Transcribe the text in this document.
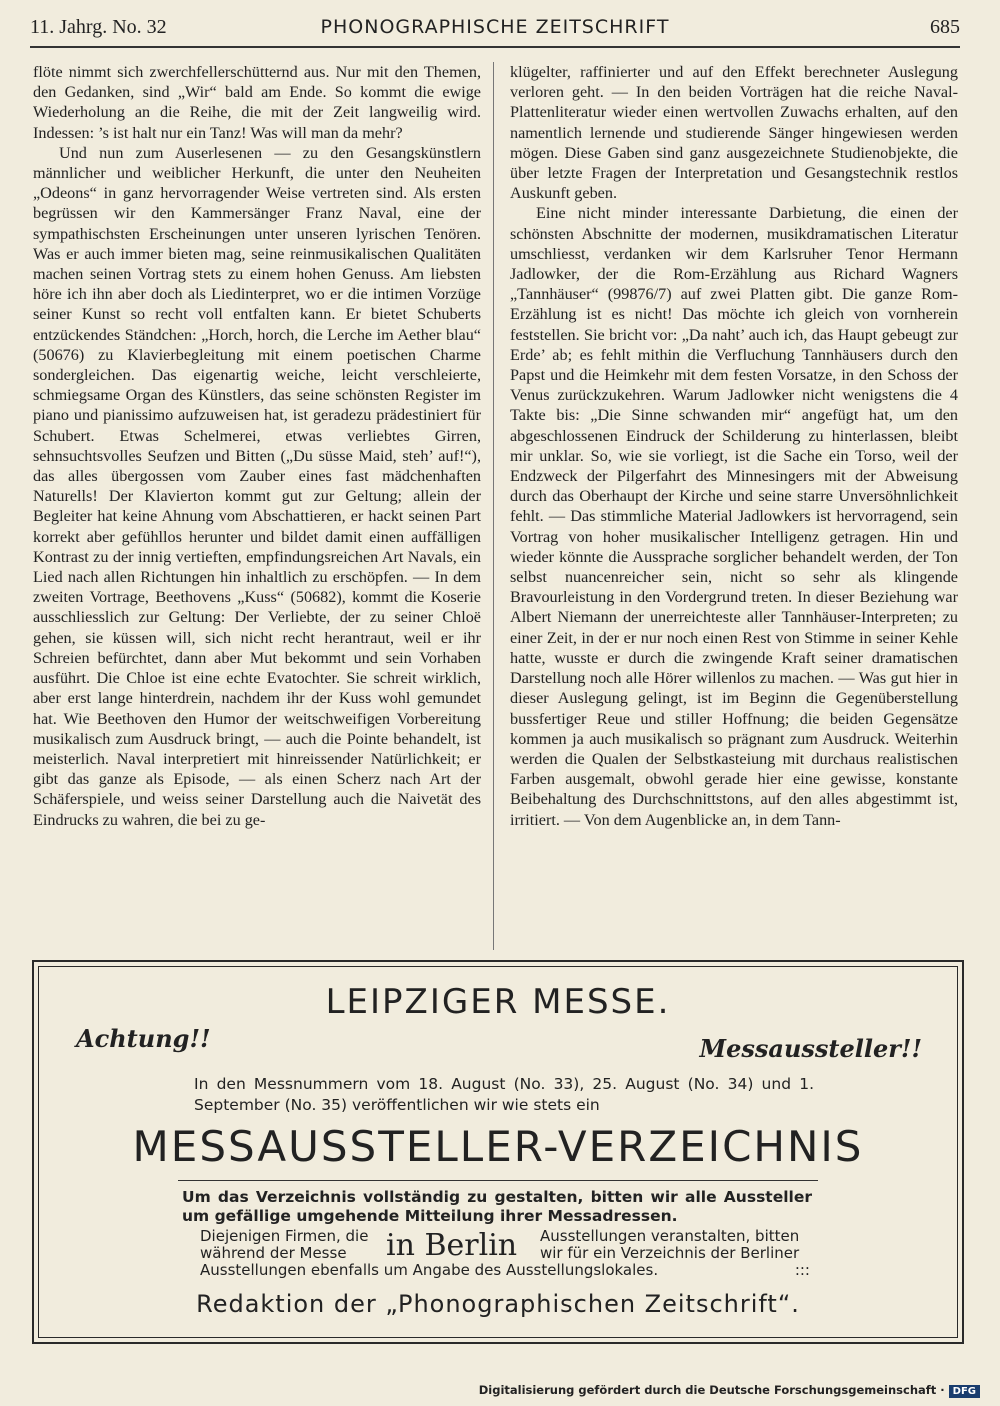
11. Jahrg. No. 32	PHONOGRAPHISCHE ZEITSCHRIFT	685

flöte nimmt sich zwerchfellerschütternd aus. Nur mit den Themen, den Gedanken, sind „Wir“ bald am Ende. So kommt die ewige Wiederholung an die Reihe, die mit der Zeit langweilig wird. Indessen: ’s ist halt nur ein Tanz! Was will man da mehr?

Und nun zum Auserlesenen — zu den Gesangskünstlern männlicher und weiblicher Herkunft, die unter den Neuheiten „Odeons“ in ganz hervorragender Weise vertreten sind. Als ersten begrüssen wir den Kammersänger Franz Naval, eine der sympathischsten Erscheinungen unter unseren lyrischen Tenören. Was er auch immer bieten mag, seine reinmusikalischen Qualitäten machen seinen Vortrag stets zu einem hohen Genuss. Am liebsten höre ich ihn aber doch als Liedinterpret, wo er die intimen Vorzüge seiner Kunst so recht voll entfalten kann. Er bietet Schuberts entzückendes Ständchen: „Horch, horch, die Lerche im Aether blau“ (50676) zu Klavierbegleitung mit einem poetischen Charme sondergleichen. Das eigenartig weiche, leicht verschleierte, schmiegsame Organ des Künstlers, das seine schönsten Register im piano und pianissimo aufzuweisen hat, ist geradezu prädestiniert für Schubert. Etwas Schelmerei, etwas verliebtes Girren, sehnsuchtsvolles Seufzen und Bitten („Du süsse Maid, steh’ auf!“), das alles übergossen vom Zauber eines fast mädchenhaften Naturells! Der Klavierton kommt gut zur Geltung; allein der Begleiter hat keine Ahnung vom Abschattieren, er hackt seinen Part korrekt aber gefühllos herunter und bildet damit einen auffälligen Kontrast zu der innig vertieften, empfindungsreichen Art Navals, ein Lied nach allen Richtungen hin inhaltlich zu erschöpfen. — In dem zweiten Vortrage, Beethovens „Kuss“ (50682), kommt die Koserie ausschliesslich zur Geltung: Der Verliebte, der zu seiner Chloë gehen, sie küssen will, sich nicht recht herantraut, weil er ihr Schreien befürchtet, dann aber Mut bekommt und sein Vorhaben ausführt. Die Chloe ist eine echte Evatochter. Sie schreit wirklich, aber erst lange hinterdrein, nachdem ihr der Kuss wohl gemundet hat. Wie Beethoven den Humor der weitschweifigen Vorbereitung musikalisch zum Ausdruck bringt, — auch die Pointe behandelt, ist meisterlich. Naval interpretiert mit hinreissender Natürlichkeit; er gibt das ganze als Episode, — als einen Scherz nach Art der Schäferspiele, und weiss seiner Darstellung auch die Naivetät des Eindrucks zu wahren, die bei zu ge-

klügelter, raffinierter und auf den Effekt berechneter Auslegung verloren geht. — In den beiden Vorträgen hat die reiche Naval-Plattenliteratur wieder einen wertvollen Zuwachs erhalten, auf den namentlich lernende und studierende Sänger hingewiesen werden mögen. Diese Gaben sind ganz ausgezeichnete Studienobjekte, die über letzte Fragen der Interpretation und Gesangstechnik restlos Auskunft geben.

Eine nicht minder interessante Darbietung, die einen der schönsten Abschnitte der modernen, musikdramatischen Literatur umschliesst, verdanken wir dem Karlsruher Tenor Hermann Jadlowker, der die Rom-Erzählung aus Richard Wagners „Tannhäuser“ (99876/7) auf zwei Platten gibt. Die ganze Rom-Erzählung ist es nicht! Das möchte ich gleich von vornherein feststellen. Sie bricht vor: „Da naht’ auch ich, das Haupt gebeugt zur Erde’ ab; es fehlt mithin die Verfluchung Tannhäusers durch den Papst und die Heimkehr mit dem festen Vorsatze, in den Schoss der Venus zurückzukehren. Warum Jadlowker nicht wenigstens die 4 Takte bis: „Die Sinne schwanden mir“ angefügt hat, um den abgeschlossenen Eindruck der Schilderung zu hinterlassen, bleibt mir unklar. So, wie sie vorliegt, ist die Sache ein Torso, weil der Endzweck der Pilgerfahrt des Minnesingers mit der Abweisung durch das Oberhaupt der Kirche und seine starre Unversöhnlichkeit fehlt. — Das stimmliche Material Jadlowkers ist hervorragend, sein Vortrag von hoher musikalischer Intelligenz getragen. Hin und wieder könnte die Aussprache sorglicher behandelt werden, der Ton selbst nuancenreicher sein, nicht so sehr als klingende Bravourleistung in den Vordergrund treten. In dieser Beziehung war Albert Niemann der unerreichteste aller Tannhäuser-Interpreten; zu einer Zeit, in der er nur noch einen Rest von Stimme in seiner Kehle hatte, wusste er durch die zwingende Kraft seiner dramatischen Darstellung noch alle Hörer willenlos zu machen. — Was gut hier in dieser Auslegung gelingt, ist im Beginn die Gegenüberstellung bussfertiger Reue und stiller Hoffnung; die beiden Gegensätze kommen ja auch musikalisch so prägnant zum Ausdruck. Weiterhin werden die Qualen der Selbstkasteiung mit durchaus realistischen Farben ausgemalt, obwohl gerade hier eine gewisse, konstante Beibehaltung des Durchschnittstons, auf den alles abgestimmt ist, irritiert. — Von dem Augenblicke an, in dem Tann-

LEIPZIGER MESSE.
Achtung!!	Messaussteller!!
In den Messnummern vom 18. August (No. 33), 25. August (No. 34) und 1. September (No. 35) veröffentlichen wir wie stets ein
MESSAUSSTELLER-VERZEICHNIS
Um das Verzeichnis vollständig zu gestalten, bitten wir alle Aussteller um gefällige umgehende Mitteilung ihrer Messadressen.
Diejenigen Firmen, die während der Messe	in Berlin Ausstellungen veranstalten, bitten wir für ein Verzeichnis der Berliner
:::
Ausstellungen ebenfalls um Angabe des Ausstellungslokales.
Redaktion der „Phonographischen Zeitschrift“.
Digitalisierung gefördert durch die Deutsche Forschungsgemeinschaft · DFG
